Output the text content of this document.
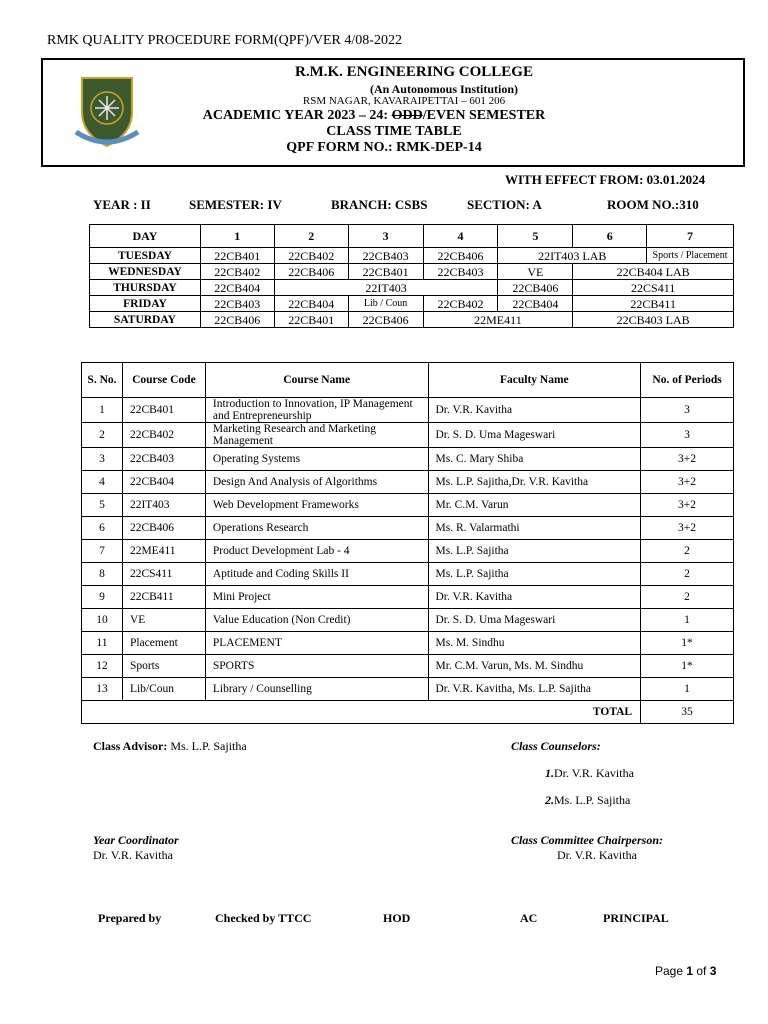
RMK QUALITY PROCEDURE FORM(QPF)/VER 4/08-2022
R.M.K. ENGINEERING COLLEGE
(An Autonomous Institution)
RSM NAGAR, KAVARAIPETTAI – 601 206
ACADEMIC YEAR 2023 – 24: ODD/EVEN SEMESTER
CLASS TIME TABLE
QPF FORM NO.: RMK-DEP-14
WITH EFFECT FROM: 03.01.2024
YEAR : II	SEMESTER: IV	BRANCH: CSBS	SECTION: A	ROOM NO.:310
DAY	1	2	3	4	5	6	7
TUESDAY	22CB401	22CB402	22CB403	22CB406	22IT403 LAB		Sports / Placement
WEDNESDAY	22CB402	22CB406	22CB401	22CB403	VE	22CB404 LAB	
THURSDAY	22CB404	22IT403			22CB406	22CS411	
FRIDAY	22CB403	22CB404	Lib / Coun	22CB402	22CB404	22CB411	
SATURDAY	22CB406	22CB401	22CB406	22ME411		22CB403 LAB	
S. No.	Course Code	Course Name	Faculty Name	No. of Periods
1	22CB401	Introduction to Innovation, IP Management and Entrepreneurship	Dr. V.R. Kavitha	3
2	22CB402	Marketing Research and Marketing Management	Dr. S. D. Uma Mageswari	3
3	22CB403	Operating Systems	Ms. C. Mary Shiba	3+2
4	22CB404	Design And Analysis of Algorithms	Ms. L.P. Sajitha,Dr. V.R. Kavitha	3+2
5	22IT403	Web Development Frameworks	Mr. C.M. Varun	3+2
6	22CB406	Operations Research	Ms. R. Valarmathi	3+2
7	22ME411	Product Development Lab - 4	Ms. L.P. Sajitha	2
8	22CS411	Aptitude and Coding Skills II	Ms. L.P. Sajitha	2
9	22CB411	Mini Project	Dr. V.R. Kavitha	2
10	VE	Value Education (Non Credit)	Dr. S. D. Uma Mageswari	1
11	Placement	PLACEMENT	Ms. M. Sindhu	1*
12	Sports	SPORTS	Mr. C.M. Varun, Ms. M. Sindhu	1*
13	Lib/Coun	Library / Counselling	Dr. V.R. Kavitha, Ms. L.P. Sajitha	1
TOTAL				35
Class Advisor: Ms. L.P. Sajitha	Class Counselors:
1.Dr. V.R. Kavitha
2.Ms. L.P. Sajitha
Year Coordinator
Dr. V.R. Kavitha
Class Committee Chairperson:
Dr. V.R. Kavitha
Prepared by	Checked by TTCC	HOD	AC	PRINCIPAL
Page 1 of 3
